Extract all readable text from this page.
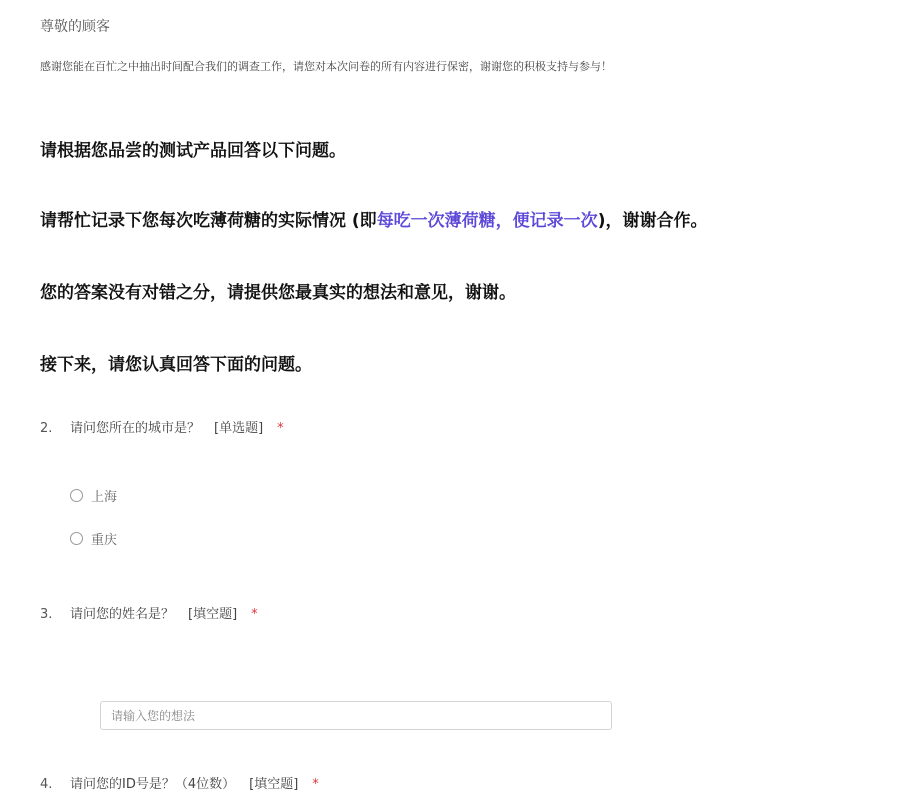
尊敬的顾客
感谢您能在百忙之中抽出时间配合我们的调查工作，请您对本次问卷的所有内容进行保密，谢谢您的积极支持与参与！
请根据您品尝的测试产品回答以下问题。
请帮忙记录下您每次吃薄荷糖的实际情况 (即每吃一次薄荷糖，便记录一次)，谢谢合作。
您的答案没有对错之分，请提供您最真实的想法和意见，谢谢。
接下来，请您认真回答下面的问题。
2. 请问您所在的城市是？ [单选题] *
上海
重庆
3. 请问您的姓名是？ [填空题] *
请输入您的想法
4. 请问您的ID号是？（4位数） [填空题] *
